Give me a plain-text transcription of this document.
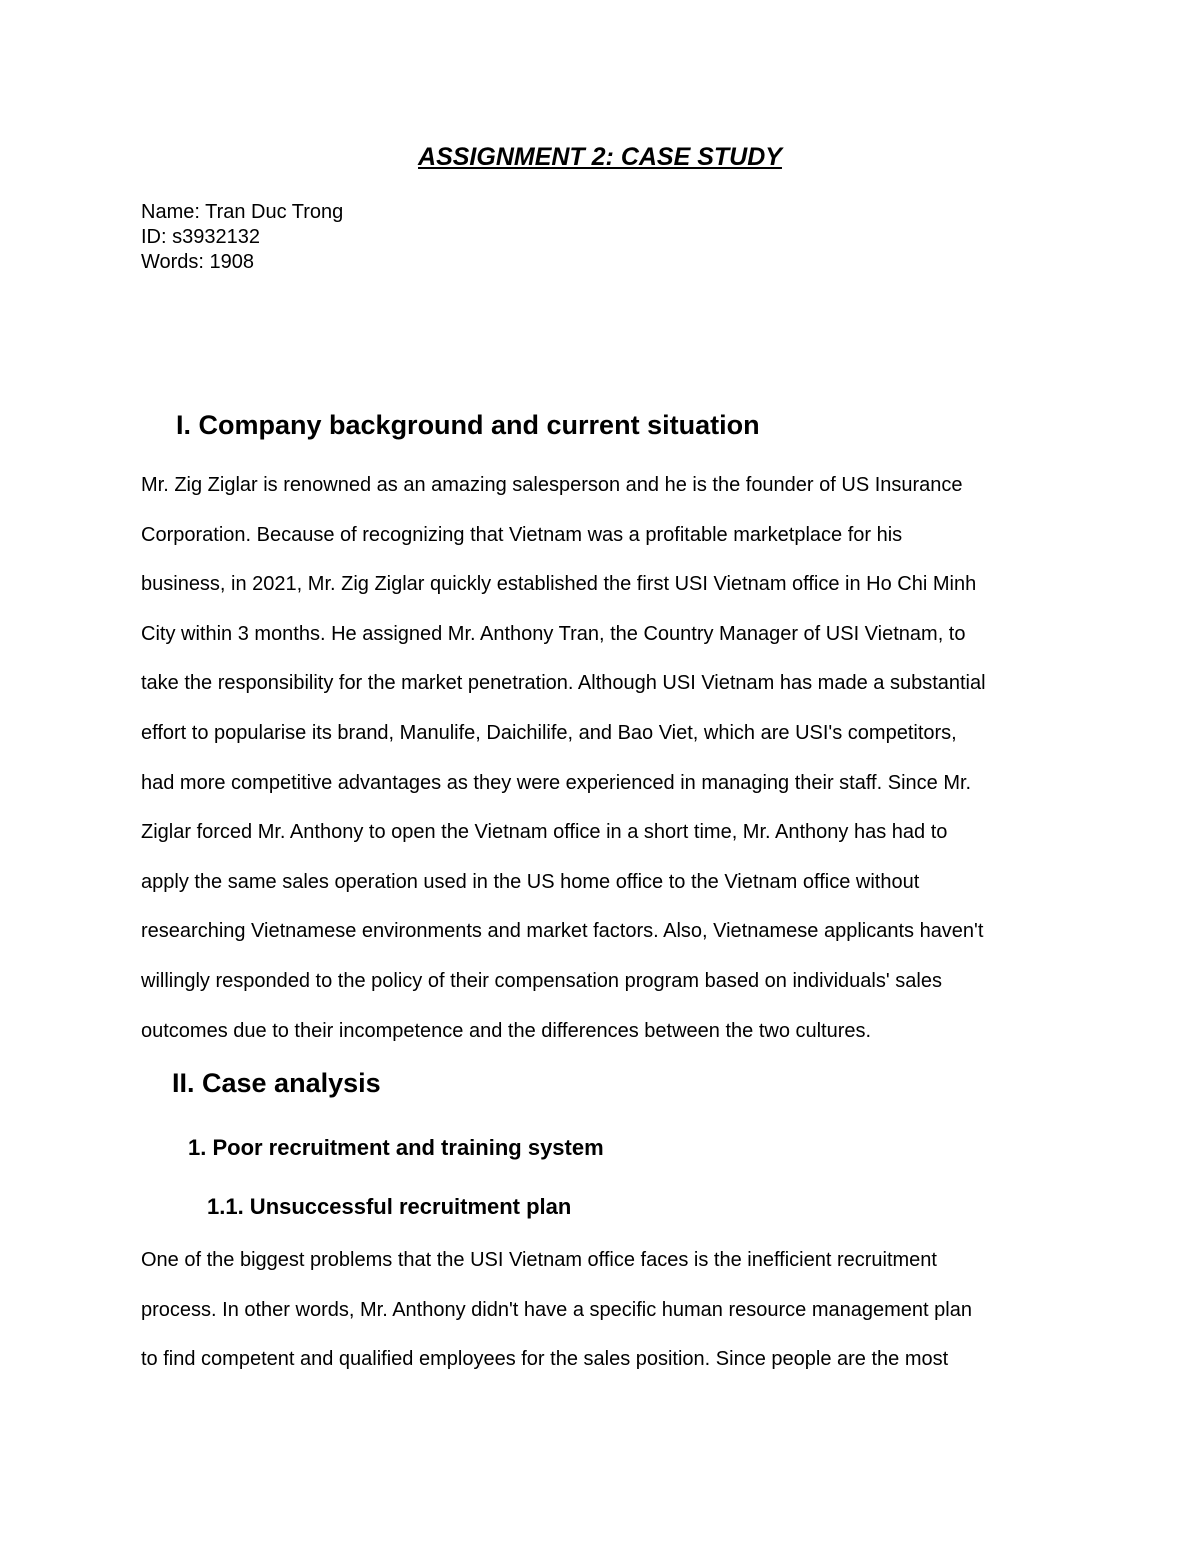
ASSIGNMENT 2: CASE STUDY
Name: Tran Duc Trong
ID: s3932132
Words: 1908
I. Company background and current situation
Mr. Zig Ziglar is renowned as an amazing salesperson and he is the founder of US Insurance
Corporation. Because of recognizing that Vietnam was a profitable marketplace for his
business, in 2021, Mr. Zig Ziglar quickly established the first USI Vietnam office in Ho Chi Minh
City within 3 months. He assigned Mr. Anthony Tran, the Country Manager of USI Vietnam, to
take the responsibility for the market penetration. Although USI Vietnam has made a substantial
effort to popularise its brand, Manulife, Daichilife, and Bao Viet, which are USI's competitors,
had more competitive advantages as they were experienced in managing their staff. Since Mr.
Ziglar forced Mr. Anthony to open the Vietnam office in a short time, Mr. Anthony has had to
apply the same sales operation used in the US home office to the Vietnam office without
researching Vietnamese environments and market factors. Also, Vietnamese applicants haven't
willingly responded to the policy of their compensation program based on individuals' sales
outcomes due to their incompetence and the differences between the two cultures.
II. Case analysis
1. Poor recruitment and training system
1.1. Unsuccessful recruitment plan
One of the biggest problems that the USI Vietnam office faces is the inefficient recruitment
process. In other words, Mr. Anthony didn't have a specific human resource management plan
to find competent and qualified employees for the sales position. Since people are the most
